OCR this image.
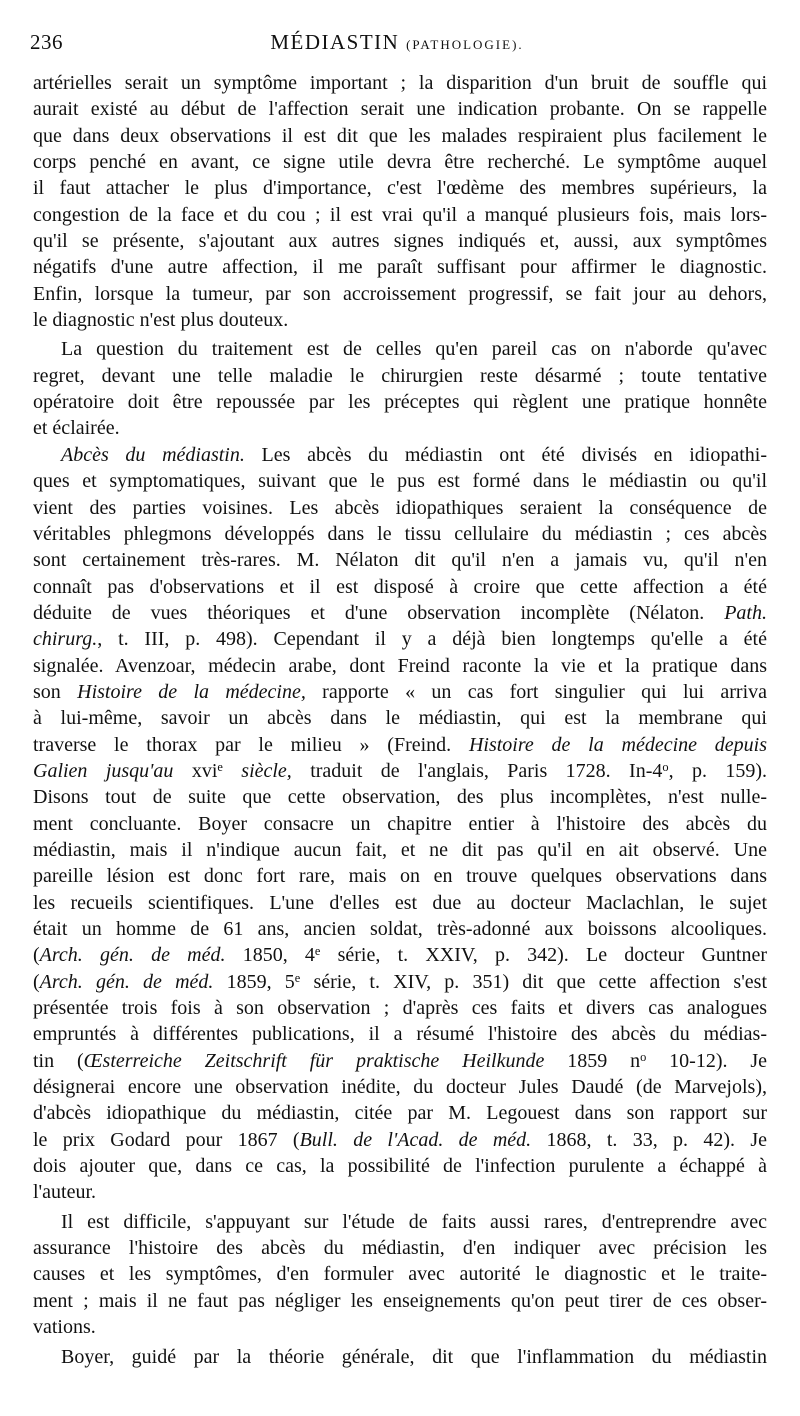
236	MÉDIASTIN (PATHOLOGIE).
artérielles serait un symptôme important ; la disparition d'un bruit de souffle qui
aurait existé au début de l'affection serait une indication probante. On se rappelle
que dans deux observations il est dit que les malades respiraient plus facilement le
corps penché en avant, ce signe utile devra être recherché. Le symptôme auquel
il faut attacher le plus d'importance, c'est l'œdème des membres supérieurs, la
congestion de la face et du cou ; il est vrai qu'il a manqué plusieurs fois, mais lors-
qu'il se présente, s'ajoutant aux autres signes indiqués et, aussi, aux symptômes
négatifs d'une autre affection, il me paraît suffisant pour affirmer le diagnostic.
Enfin, lorsque la tumeur, par son accroissement progressif, se fait jour au dehors,
le diagnostic n'est plus douteux.
La question du traitement est de celles qu'en pareil cas on n'aborde qu'avec
regret, devant une telle maladie le chirurgien reste désarmé ; toute tentative
opératoire doit être repoussée par les préceptes qui règlent une pratique honnête
et éclairée.
Abcès du médiastin. Les abcès du médiastin ont été divisés en idiopathi-
ques et symptomatiques, suivant que le pus est formé dans le médiastin ou qu'il
vient des parties voisines. Les abcès idiopathiques seraient la conséquence de
véritables phlegmons développés dans le tissu cellulaire du médiastin ; ces abcès
sont certainement très-rares. M. Nélaton dit qu'il n'en a jamais vu, qu'il n'en
connaît pas d'observations et il est disposé à croire que cette affection a été
déduite de vues théoriques et d'une observation incomplète (Nélaton. Path.
chirurg., t. III, p. 498). Cependant il y a déjà bien longtemps qu'elle a été
signalée. Avenzoar, médecin arabe, dont Freind raconte la vie et la pratique dans
son Histoire de la médecine, rapporte « un cas fort singulier qui lui arriva
à lui-même, savoir un abcès dans le médiastin, qui est la membrane qui
traverse le thorax par le milieu » (Freind. Histoire de la médecine depuis
Galien jusqu'au xvi$^e$ siècle, traduit de l'anglais, Paris 1728. In-4$^o$, p. 159).
Disons tout de suite que cette observation, des plus incomplètes, n'est nulle-
ment concluante. Boyer consacre un chapitre entier à l'histoire des abcès du
médiastin, mais il n'indique aucun fait, et ne dit pas qu'il en ait observé. Une
pareille lésion est donc fort rare, mais on en trouve quelques observations dans
les recueils scientifiques. L'une d'elles est due au docteur Maclachlan, le sujet
était un homme de 61 ans, ancien soldat, très-adonné aux boissons alcooliques.
(Arch. gén. de méd. 1850, 4e série, t. XXIV, p. 342). Le docteur Guntner
(Arch. gén. de méd. 1859, 5e série, t. XIV, p. 351) dit que cette affection s'est
présentée trois fois à son observation ; d'après ces faits et divers cas analogues
empruntés à différentes publications, il a résumé l'histoire des abcès du médias-
tin (Œsterreiche Zeitschrift für praktische Heilkunde 1859 $n^o$ 10-12). Je
désignerai encore une observation inédite, du docteur Jules Daudé (de Marvejols),
d'abcès idiopathique du médiastin, citée par M. Legouest dans son rapport sur
le prix Godard pour 1867 (Bull. de l'Acad. de méd. 1868, t. 33, p. 42). Je
dois ajouter que, dans ce cas, la possibilité de l'infection purulente a échappé à
l'auteur.
Il est difficile, s'appuyant sur l'étude de faits aussi rares, d'entreprendre avec
assurance l'histoire des abcès du médiastin, d'en indiquer avec précision les
causes et les symptômes, d'en formuler avec autorité le diagnostic et le traite-
ment ; mais il ne faut pas négliger les enseignements qu'on peut tirer de ces obser-
vations.
Boyer, guidé par la théorie générale, dit que l'inflammation du médiastin
